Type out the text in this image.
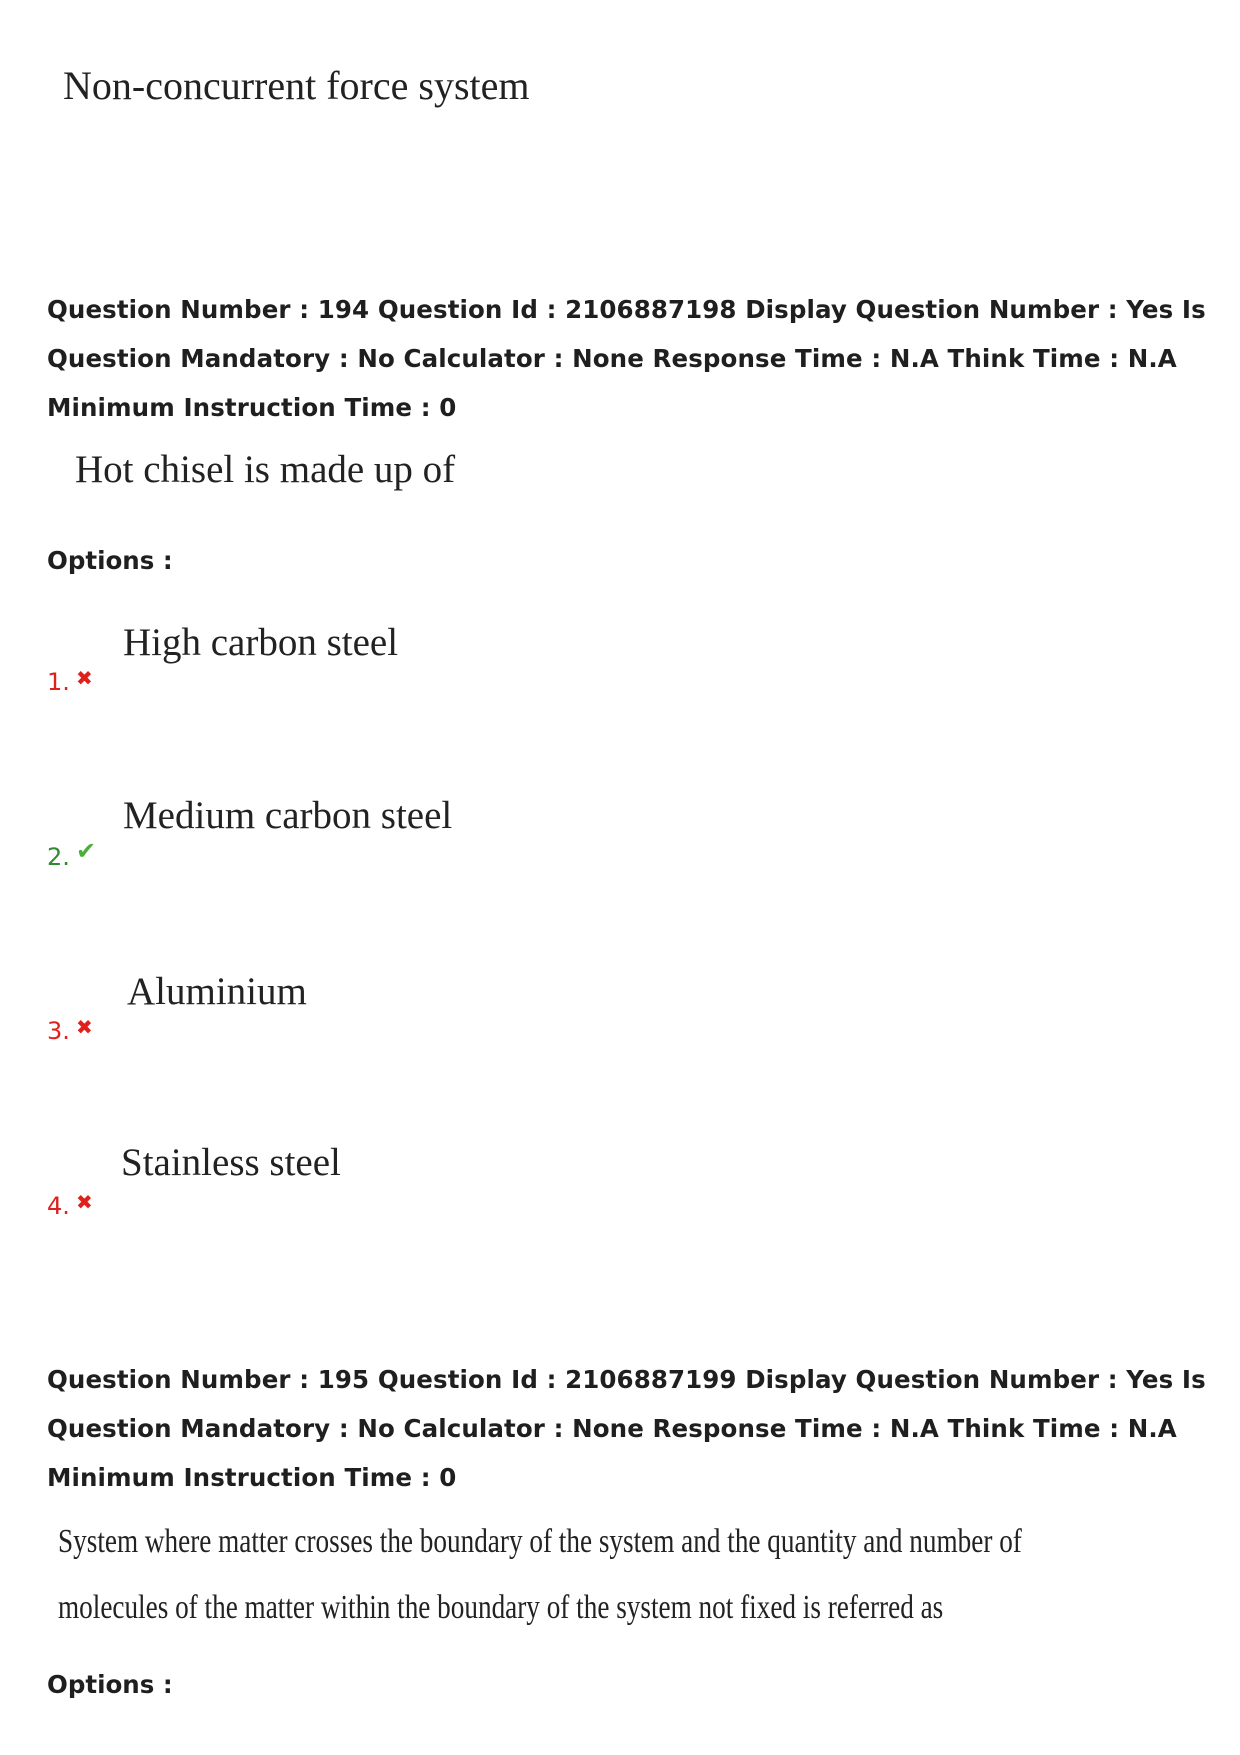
Non-concurrent force system
Question Number : 194 Question Id : 2106887198 Display Question Number : Yes Is Question Mandatory : No Calculator : None Response Time : N.A Think Time : N.A Minimum Instruction Time : 0
Hot chisel is made up of
Options :
High carbon steel
1. ✖
Medium carbon steel
2. ✔
Aluminium
3. ✖
Stainless steel
4. ✖
Question Number : 195 Question Id : 2106887199 Display Question Number : Yes Is Question Mandatory : No Calculator : None Response Time : N.A Think Time : N.A Minimum Instruction Time : 0
System where matter crosses the boundary of the system and the quantity and number of
molecules of the matter within the boundary of the system not fixed is referred as
Options :
